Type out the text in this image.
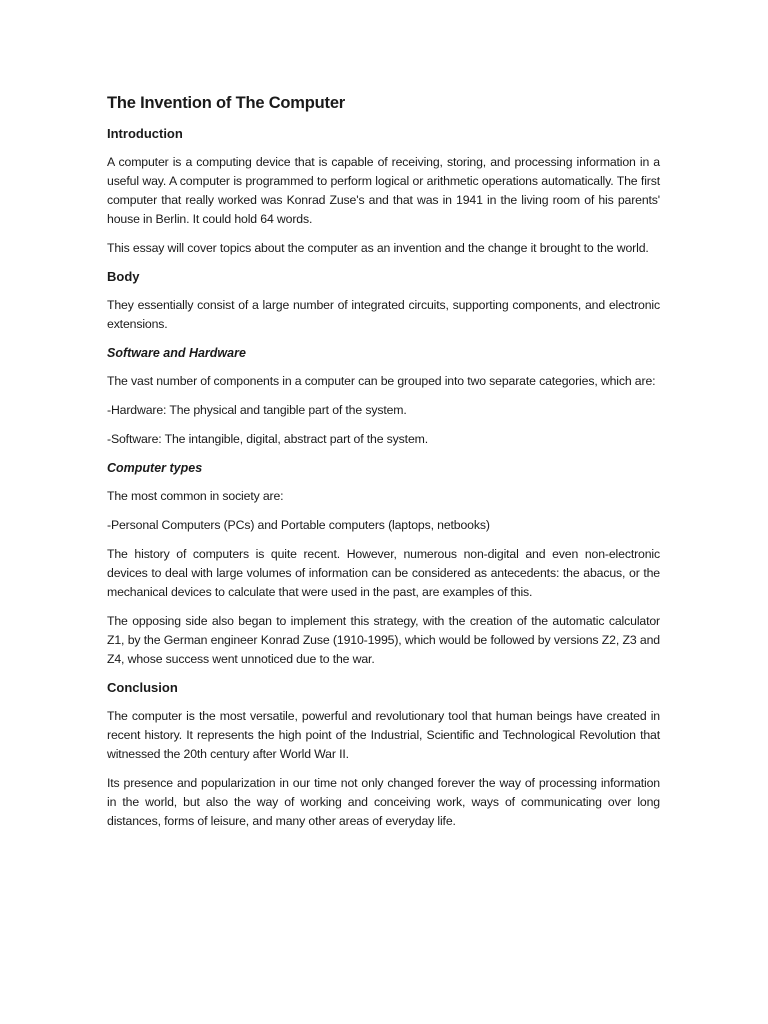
The Invention of The Computer
Introduction

A computer is a computing device that is capable of receiving, storing, and processing information in a useful way. A computer is programmed to perform logical or arithmetic operations automatically. The first computer that really worked was Konrad Zuse's and that was in 1941 in the living room of his parents' house in Berlin. It could hold 64 words.

This essay will cover topics about the computer as an invention and the change it brought to the world.

Body

They essentially consist of a large number of integrated circuits, supporting components, and electronic extensions.

Software and Hardware

The vast number of components in a computer can be grouped into two separate categories, which are:

-Hardware: The physical and tangible part of the system.

-Software: The intangible, digital, abstract part of the system.

Computer types

The most common in society are:

-Personal Computers (PCs) and Portable computers (laptops, netbooks)

The history of computers is quite recent. However, numerous non-digital and even non-electronic devices to deal with large volumes of information can be considered as antecedents: the abacus, or the mechanical devices to calculate that were used in the past, are examples of this.

The opposing side also began to implement this strategy, with the creation of the automatic calculator Z1, by the German engineer Konrad Zuse (1910-1995), which would be followed by versions Z2, Z3 and Z4, whose success went unnoticed due to the war.

Conclusion

The computer is the most versatile, powerful and revolutionary tool that human beings have created in recent history. It represents the high point of the Industrial, Scientific and Technological Revolution that witnessed the 20th century after World War II.

Its presence and popularization in our time not only changed forever the way of processing information in the world, but also the way of working and conceiving work, ways of communicating over long distances, forms of leisure, and many other areas of everyday life.
